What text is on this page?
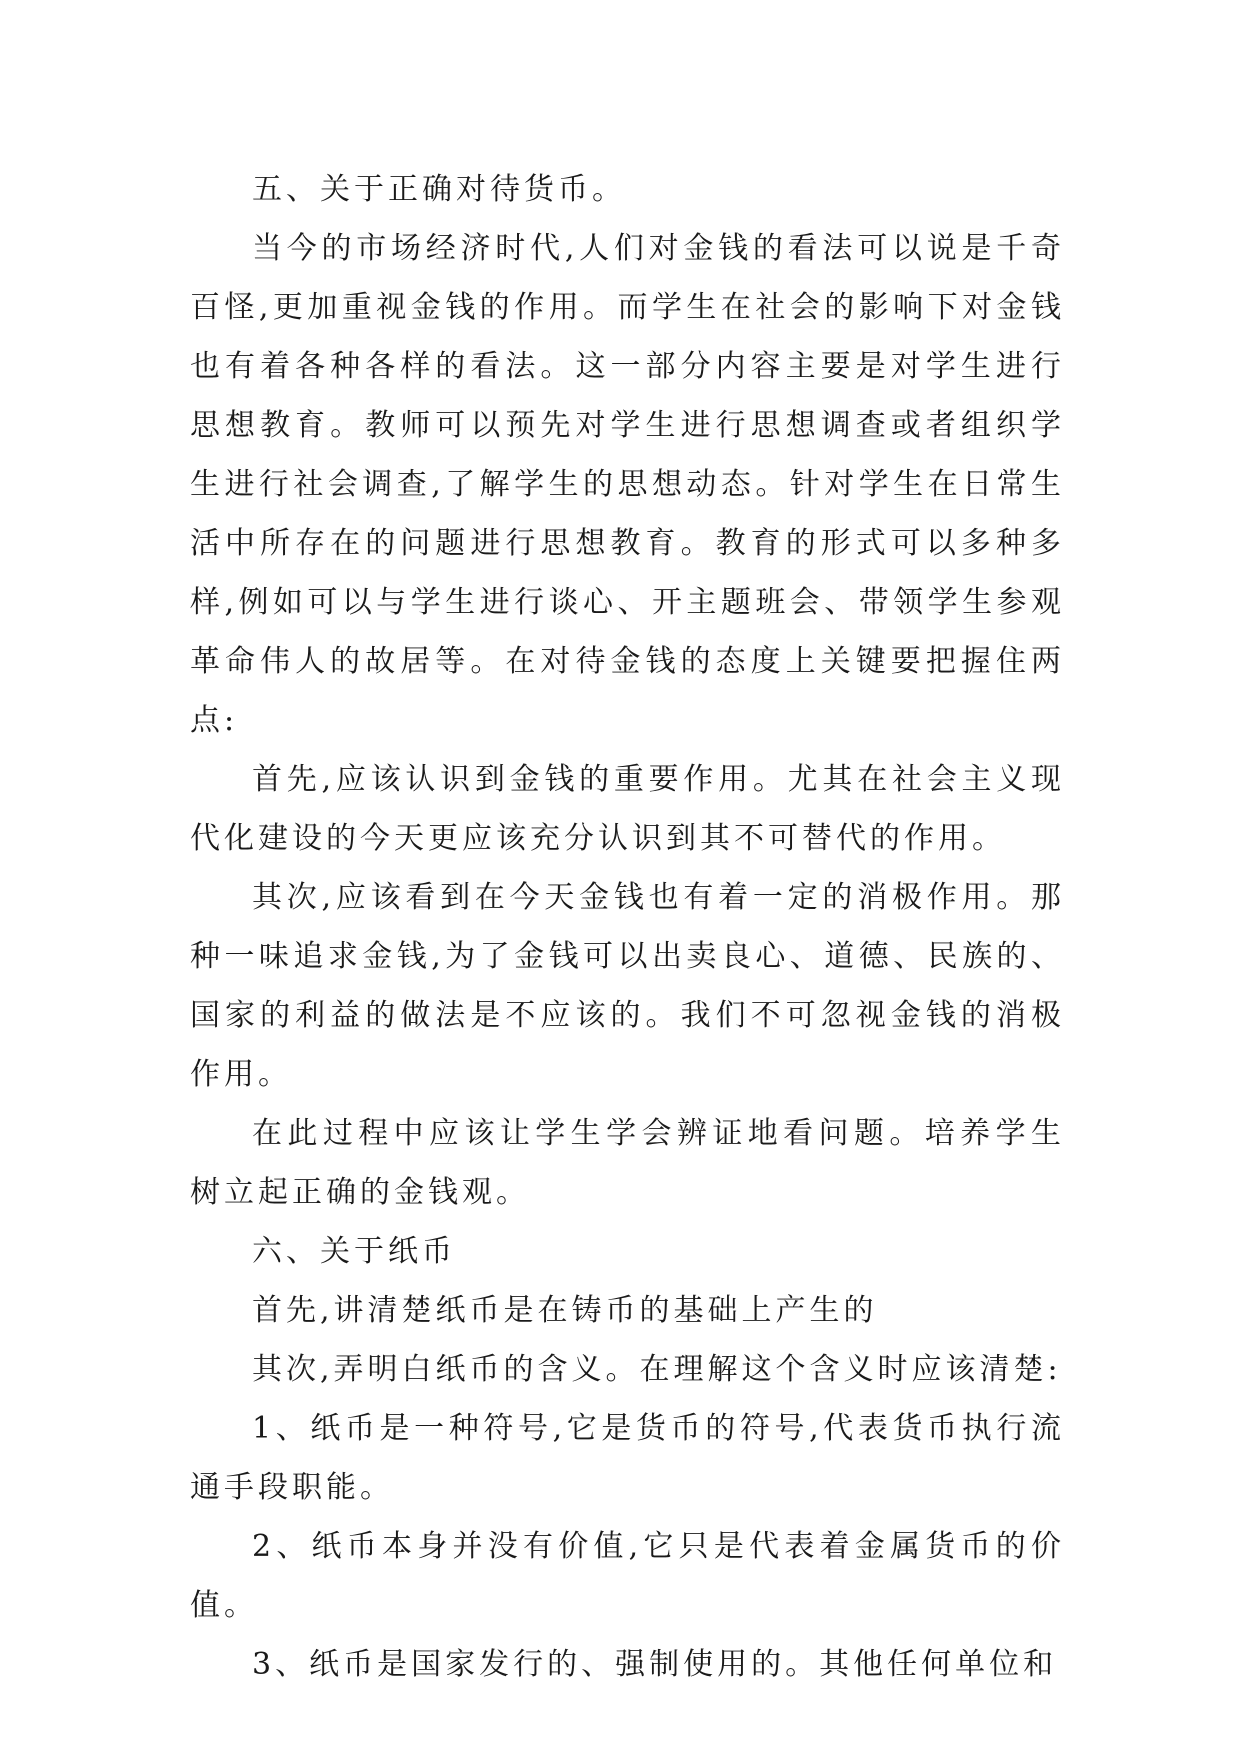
五、关于正确对待货币。

当今的市场经济时代,人们对金钱的看法可以说是千奇百怪,更加重视金钱的作用。而学生在社会的影响下对金钱也有着各种各样的看法。这一部分内容主要是对学生进行思想教育。教师可以预先对学生进行思想调查或者组织学生进行社会调查,了解学生的思想动态。针对学生在日常生活中所存在的问题进行思想教育。教育的形式可以多种多样,例如可以与学生进行谈心、开主题班会、带领学生参观革命伟人的故居等。在对待金钱的态度上关键要把握住两点:

首先,应该认识到金钱的重要作用。尤其在社会主义现代化建设的今天更应该充分认识到其不可替代的作用。

其次,应该看到在今天金钱也有着一定的消极作用。那种一味追求金钱,为了金钱可以出卖良心、道德、民族的、国家的利益的做法是不应该的。我们不可忽视金钱的消极作用。

在此过程中应该让学生学会辨证地看问题。培养学生树立起正确的金钱观。

六、关于纸币

首先,讲清楚纸币是在铸币的基础上产生的

其次,弄明白纸币的含义。在理解这个含义时应该清楚:

1、纸币是一种符号,它是货币的符号,代表货币执行流通手段职能。

2、纸币本身并没有价值,它只是代表着金属货币的价值。

3、纸币是国家发行的、强制使用的。其他任何单位和
